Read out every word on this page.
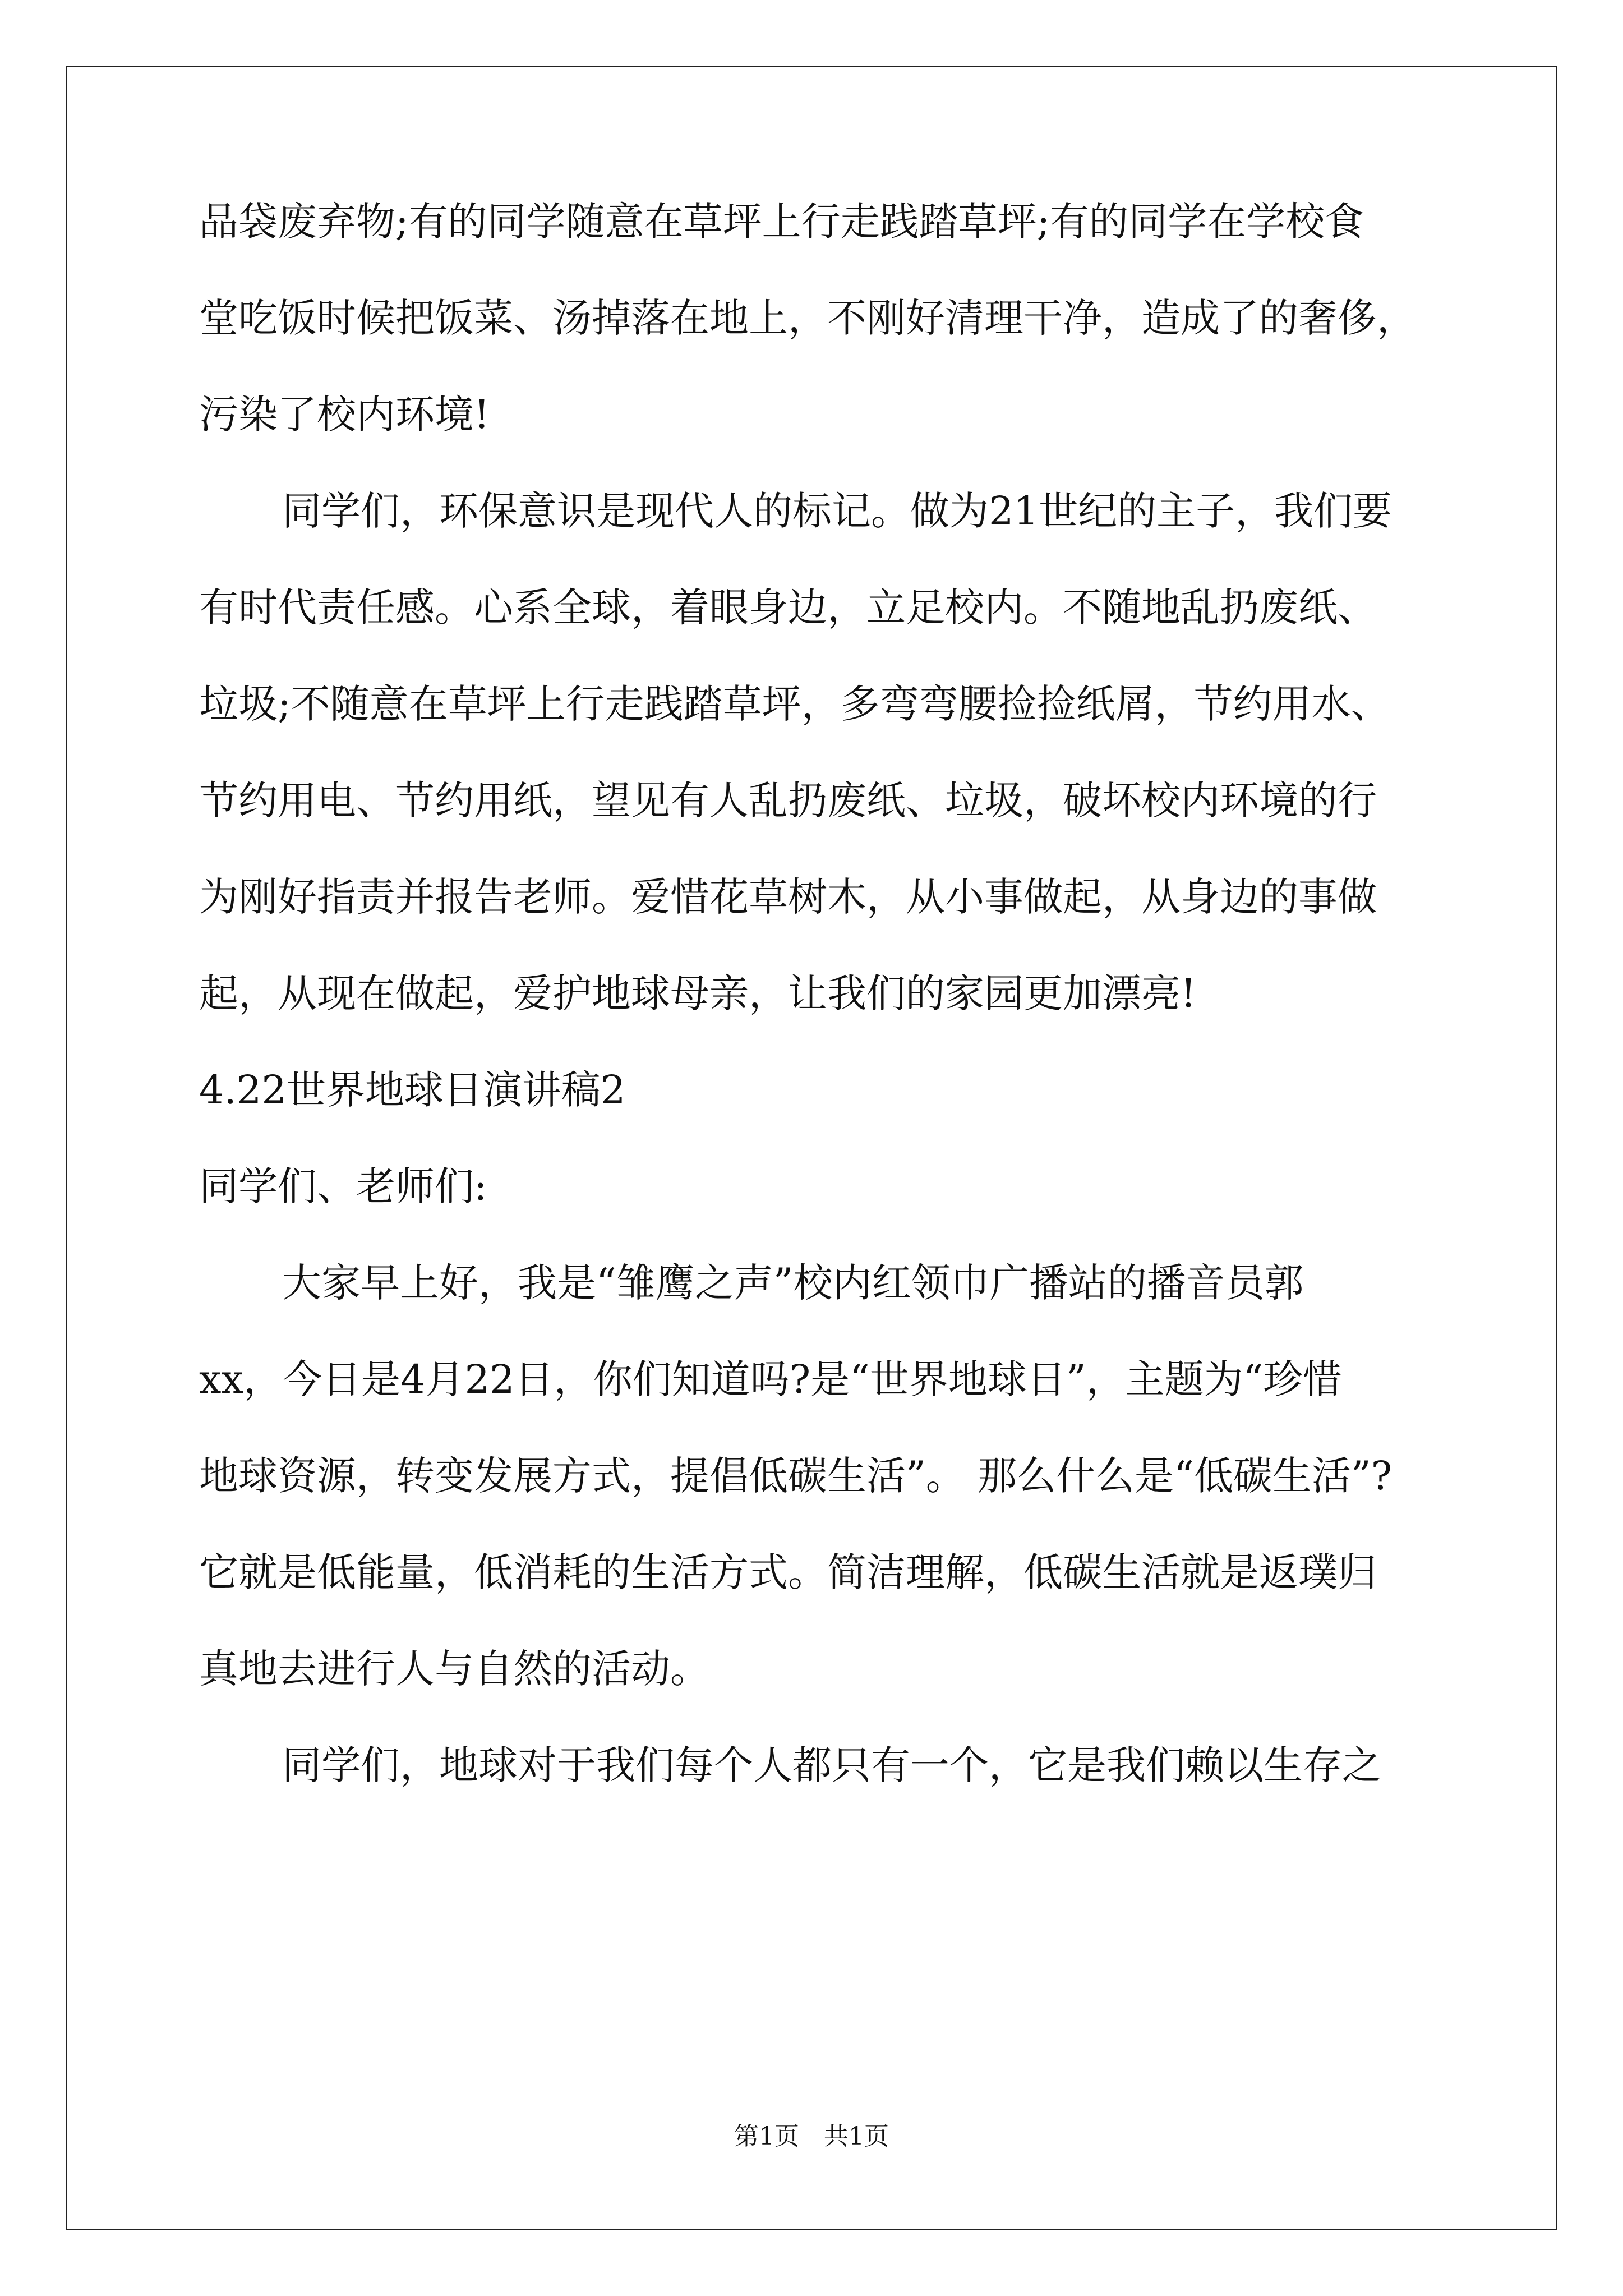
品袋废弃物;有的同学随意在草坪上行走践踏草坪;有的同学在学校食
堂吃饭时候把饭菜、汤掉落在地上，不刚好清理干净，造成了的奢侈，
污染了校内环境!
同学们，环保意识是现代人的标记。做为21世纪的主子，我们要
有时代责任感。心系全球，着眼身边，立足校内。不随地乱扔废纸、
垃圾;不随意在草坪上行走践踏草坪，多弯弯腰捡捡纸屑，节约用水、
节约用电、节约用纸，望见有人乱扔废纸、垃圾，破坏校内环境的行
为刚好指责并报告老师。爱惜花草树木，从小事做起，从身边的事做
起，从现在做起，爱护地球母亲，让我们的家园更加漂亮!
4.22世界地球日演讲稿2
同学们、老师们:
大家早上好，我是“雏鹰之声”校内红领巾广播站的播音员郭
xx，今日是4月22日，你们知道吗?是“世界地球日”，主题为“珍惜
地球资源，转变发展方式，提倡低碳生活”。 那么什么是“低碳生活”?
它就是低能量，低消耗的生活方式。简洁理解，低碳生活就是返璞归
真地去进行人与自然的活动。
同学们，地球对于我们每个人都只有一个，它是我们赖以生存之
第1页　共1页
